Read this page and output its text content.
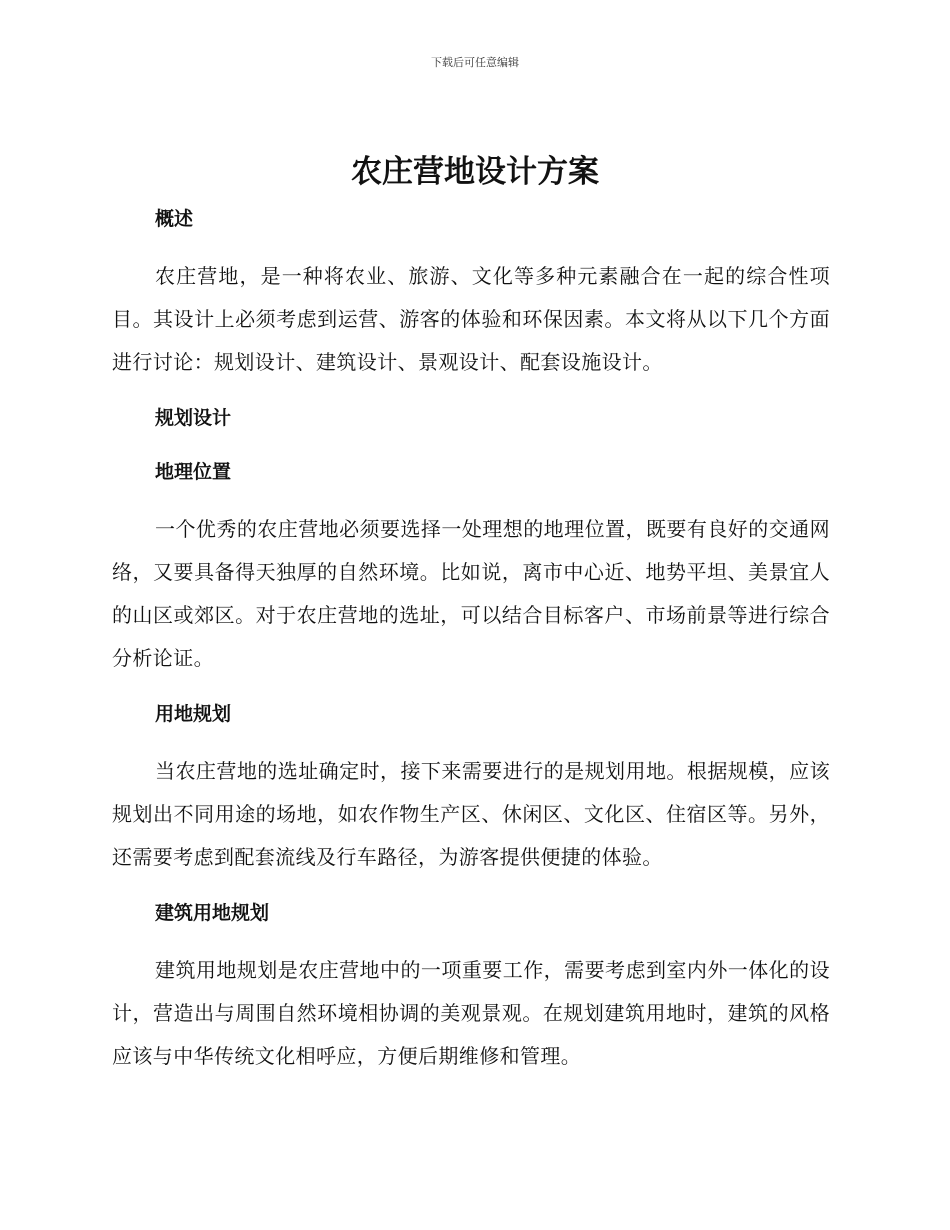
下载后可任意编辑
农庄营地设计方案
概述

农庄营地，是一种将农业、旅游、文化等多种元素融合在一起的综合性项目。其设计上必须考虑到运营、游客的体验和环保因素。本文将从以下几个方面进行讨论：规划设计、建筑设计、景观设计、配套设施设计。

规划设计
地理位置

一个优秀的农庄营地必须要选择一处理想的地理位置，既要有良好的交通网络，又要具备得天独厚的自然环境。比如说，离市中心近、地势平坦、美景宜人的山区或郊区。对于农庄营地的选址，可以结合目标客户、市场前景等进行综合分析论证。

用地规划

当农庄营地的选址确定时，接下来需要进行的是规划用地。根据规模，应该规划出不同用途的场地，如农作物生产区、休闲区、文化区、住宿区等。另外，还需要考虑到配套流线及行车路径，为游客提供便捷的体验。

建筑用地规划

建筑用地规划是农庄营地中的一项重要工作，需要考虑到室内外一体化的设计，营造出与周围自然环境相协调的美观景观。在规划建筑用地时，建筑的风格应该与中华传统文化相呼应，方便后期维修和管理。
